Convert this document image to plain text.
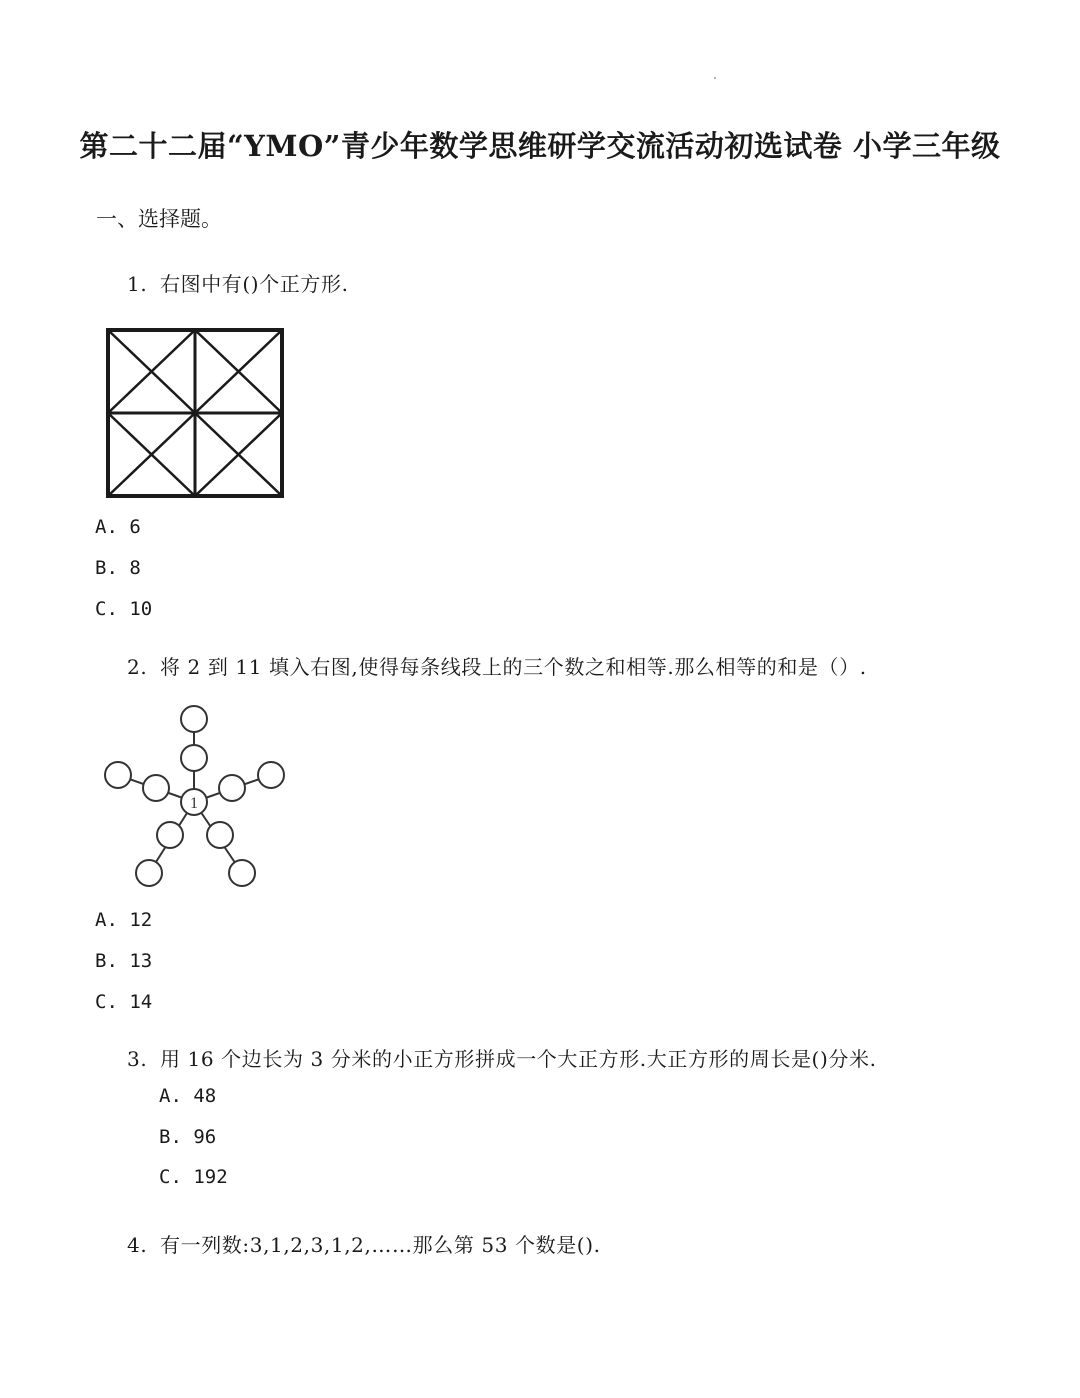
第二十二届“YMO”青少年数学思维研学交流活动初选试卷 小学三年级
一、选择题。
1. 右图中有()个正方形.
A. 6
B. 8
C. 10
2. 将 2 到 11 填入右图,使得每条线段上的三个数之和相等.那么相等的和是（）.
1
A. 12
B. 13
C. 14
3. 用 16 个边长为 3 分米的小正方形拼成一个大正方形.大正方形的周长是()分米.
A. 48
B. 96
C. 192
4. 有一列数:3,1,2,3,1,2,……那么第 53 个数是().
